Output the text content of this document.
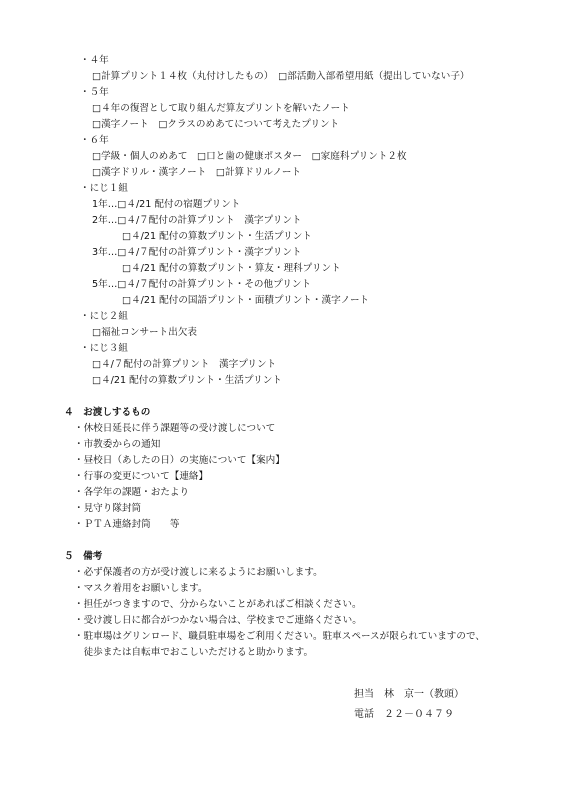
・４年
□計算プリント１４枚（丸付けしたもの）　□部活動入部希望用紙（提出していない子）
・５年
□４年の復習として取り組んだ算友プリントを解いたノート
□漢字ノート　□クラスのめあてについて考えたプリント
・６年
□学級・個人のめあて　□口と歯の健康ポスター　□家庭科プリント２枚
□漢字ドリル・漢字ノート　□計算ドリルノート
・にじ１組
1年…□４/21 配付の宿題プリント
2年…□４/７配付の計算プリント　漢字プリント
□４/21 配付の算数プリント・生活プリント
3年…□４/７配付の計算プリント・漢字プリント
□４/21 配付の算数プリント・算友・理科プリント
5年…□４/７配付の計算プリント・その他プリント
□４/21 配付の国語プリント・面積プリント・漢字ノート
・にじ２組
□福祉コンサート出欠表
・にじ３組
□４/７配付の計算プリント　漢字プリント
□４/21 配付の算数プリント・生活プリント
４　お渡しするもの
・休校日延長に伴う課題等の受け渡しについて
・市教委からの通知
・昼校日（あしたの日）の実施について【案内】
・行事の変更について【連絡】
・各学年の課題・おたより
・見守り隊封筒
・ＰＴＡ連絡封筒　　等
５　備考
・必ず保護者の方が受け渡しに来るようにお願いします。
・マスク着用をお願いします。
・担任がつきますので、分からないことがあればご相談ください。
・受け渡し日に都合がつかない場合は、学校までご連絡ください。
・駐車場はグリンロード、職員駐車場をご利用ください。駐車スペースが限られていますので、
　徒歩または自転車でおこしいただけると助かります。
担当　林　京一（教頭）
電話　２２－０４７９
